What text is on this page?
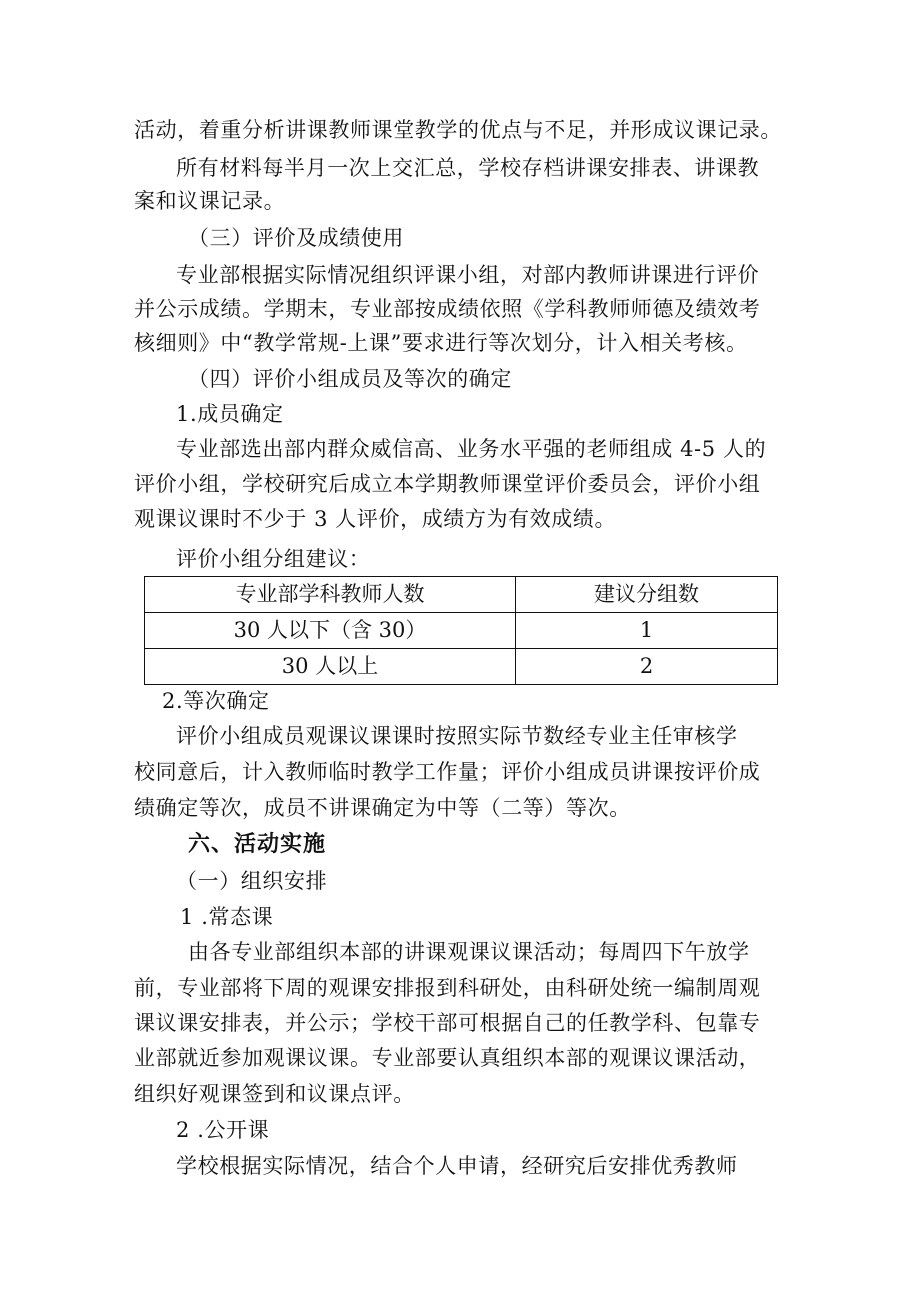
活动，着重分析讲课教师课堂教学的优点与不足，并形成议课记录。
所有材料每半月一次上交汇总，学校存档讲课安排表、讲课教
案和议课记录。
（三）评价及成绩使用
专业部根据实际情况组织评课小组，对部内教师讲课进行评价
并公示成绩。学期末，专业部按成绩依照《学科教师师德及绩效考
核细则》中“教学常规-上课”要求进行等次划分，计入相关考核。
（四）评价小组成员及等次的确定
1.成员确定
专业部选出部内群众威信高、业务水平强的老师组成 4-5 人的
评价小组，学校研究后成立本学期教师课堂评价委员会，评价小组
观课议课时不少于 3 人评价，成绩方为有效成绩。
评价小组分组建议：
2.等次确定
评价小组成员观课议课课时按照实际节数经专业主任审核学
校同意后，计入教师临时教学工作量；评价小组成员讲课按评价成
绩确定等次，成员不讲课确定为中等（二等）等次。
六、活动实施
（一）组织安排
1 .常态课
由各专业部组织本部的讲课观课议课活动；每周四下午放学
前，专业部将下周的观课安排报到科研处，由科研处统一编制周观
课议课安排表，并公示；学校干部可根据自己的任教学科、包靠专
业部就近参加观课议课。专业部要认真组织本部的观课议课活动，
组织好观课签到和议课点评。
2 .公开课
学校根据实际情况，结合个人申请，经研究后安排优秀教师
专业部学科教师人数	建议分组数
30 人以下（含 30）	1
30 人以上	2
